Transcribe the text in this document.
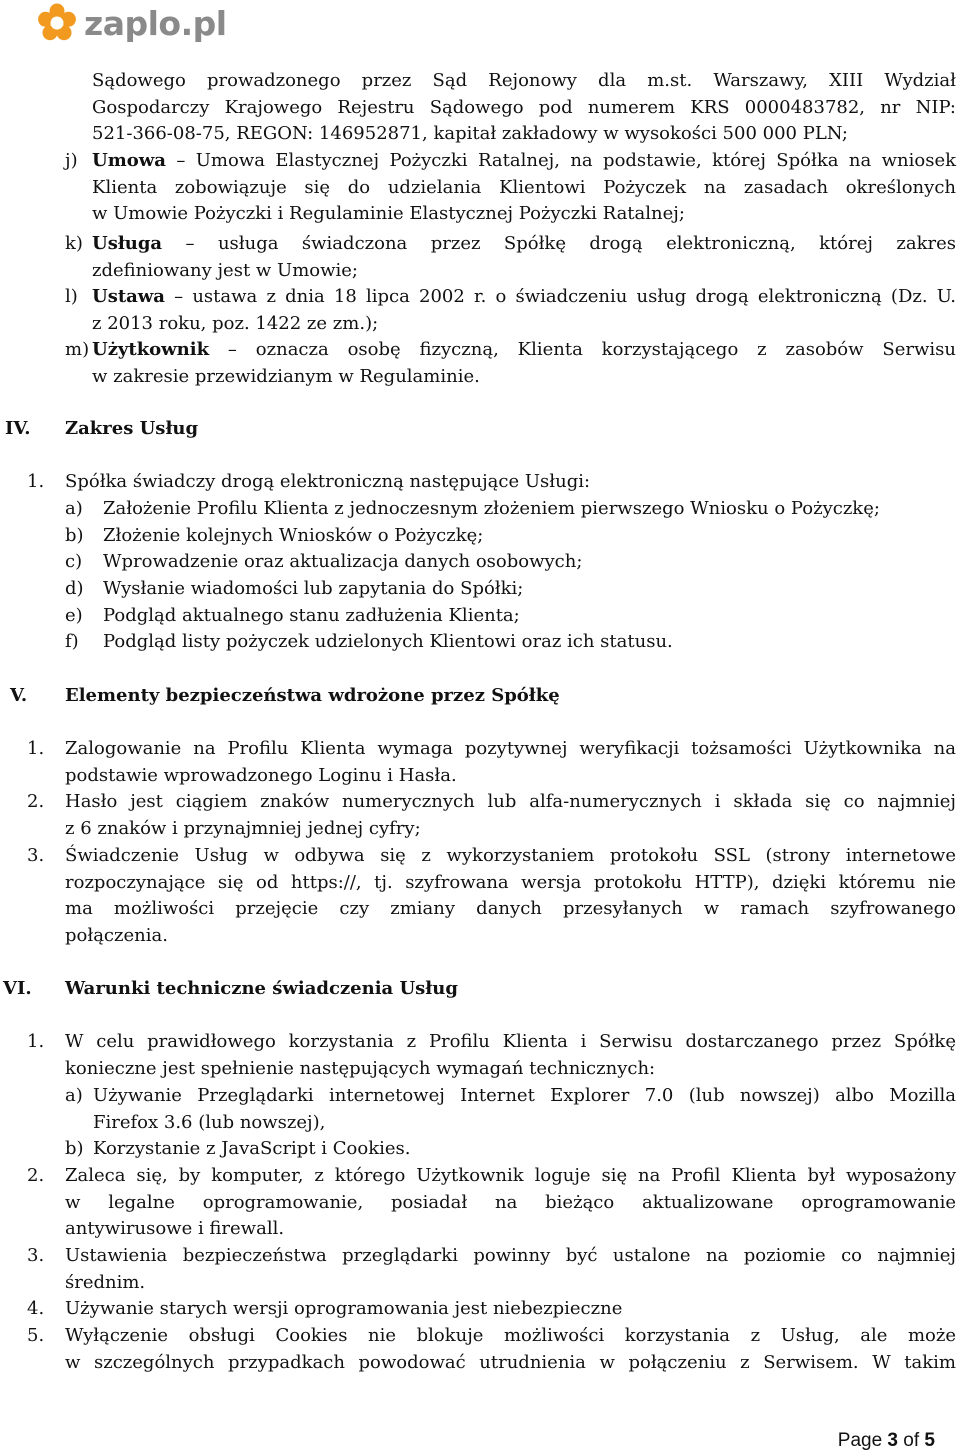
zaplo.pl
Sądowego prowadzonego przez Sąd Rejonowy dla m.st. Warszawy, XIII Wydział
Gospodarczy Krajowego Rejestru Sądowego pod numerem KRS 0000483782, nr NIP:
521-366-08-75, REGON: 146952871, kapitał zakładowy w wysokości 500 000 PLN;
j) Umowa – Umowa Elastycznej Pożyczki Ratalnej, na podstawie, której Spółka na wniosek
Klienta zobowiązuje się do udzielania Klientowi Pożyczek na zasadach określonych
w Umowie Pożyczki i Regulaminie Elastycznej Pożyczki Ratalnej;
k) Usługa – usługa świadczona przez Spółkę drogą elektroniczną, której zakres
zdefiniowany jest w Umowie;
l) Ustawa – ustawa z dnia 18 lipca 2002 r. o świadczeniu usług drogą elektroniczną (Dz. U.
z 2013 roku, poz. 1422 ze zm.);
m) Użytkownik – oznacza osobę fizyczną, Klienta korzystającego z zasobów Serwisu
w zakresie przewidzianym w Regulaminie.
IV. Zakres Usług
1. Spółka świadczy drogą elektroniczną następujące Usługi:
a) Założenie Profilu Klienta z jednoczesnym złożeniem pierwszego Wniosku o Pożyczkę;
b) Złożenie kolejnych Wniosków o Pożyczkę;
c) Wprowadzenie oraz aktualizacja danych osobowych;
d) Wysłanie wiadomości lub zapytania do Spółki;
e) Podgląd aktualnego stanu zadłużenia Klienta;
f) Podgląd listy pożyczek udzielonych Klientowi oraz ich statusu.
V. Elementy bezpieczeństwa wdrożone przez Spółkę
1. Zalogowanie na Profilu Klienta wymaga pozytywnej weryfikacji tożsamości Użytkownika na
podstawie wprowadzonego Loginu i Hasła.
2. Hasło jest ciągiem znaków numerycznych lub alfa-numerycznych i składa się co najmniej
z 6 znaków i przynajmniej jednej cyfry;
3. Świadczenie Usług w odbywa się z wykorzystaniem protokołu SSL (strony internetowe
rozpoczynające się od https://, tj. szyfrowana wersja protokołu HTTP), dzięki któremu nie
ma możliwości przejęcie czy zmiany danych przesyłanych w ramach szyfrowanego
połączenia.
VI. Warunki techniczne świadczenia Usług
1. W celu prawidłowego korzystania z Profilu Klienta i Serwisu dostarczanego przez Spółkę
konieczne jest spełnienie następujących wymagań technicznych:
a) Używanie Przeglądarki internetowej Internet Explorer 7.0 (lub nowszej) albo Mozilla
Firefox 3.6 (lub nowszej),
b) Korzystanie z JavaScript i Cookies.
2. Zaleca się, by komputer, z którego Użytkownik loguje się na Profil Klienta był wyposażony
w legalne oprogramowanie, posiadał na bieżąco aktualizowane oprogramowanie
antywirusowe i firewall.
3. Ustawienia bezpieczeństwa przeglądarki powinny być ustalone na poziomie co najmniej
średnim.
4. Używanie starych wersji oprogramowania jest niebezpieczne
5. Wyłączenie obsługi Cookies nie blokuje możliwości korzystania z Usług, ale może
w szczególnych przypadkach powodować utrudnienia w połączeniu z Serwisem. W takim
Page 3 of 5
